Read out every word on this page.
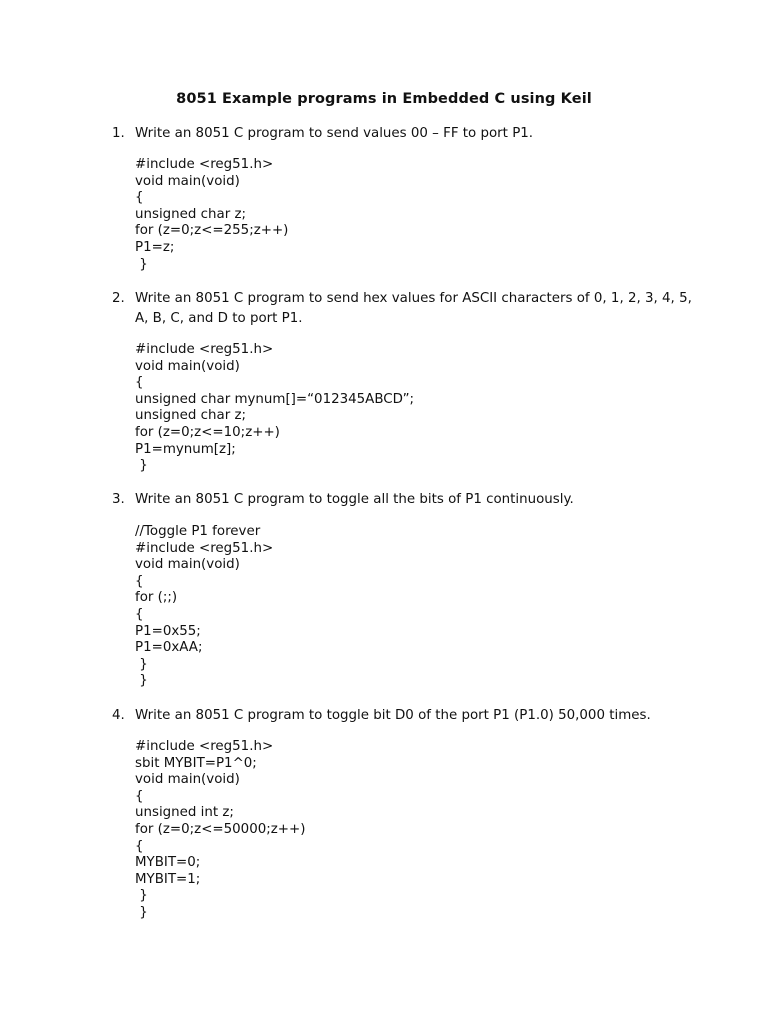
8051 Example programs in Embedded C using Keil
1. Write an 8051 C program to send values 00 – FF to port P1.
#include <reg51.h>
void main(void)
{
unsigned char z;
for (z=0;z<=255;z++)
P1=z;
}
2. Write an 8051 C program to send hex values for ASCII characters of 0, 1, 2, 3, 4, 5, A, B, C, and D to port P1.
#include <reg51.h>
void main(void)
{
unsigned char mynum[]=“012345ABCD”;
unsigned char z;
for (z=0;z<=10;z++)
P1=mynum[z];
}
3. Write an 8051 C program to toggle all the bits of P1 continuously.
//Toggle P1 forever
#include <reg51.h>
void main(void)
{
for (;;)
{
P1=0x55;
P1=0xAA;
}
}
4. Write an 8051 C program to toggle bit D0 of the port P1 (P1.0) 50,000 times.
#include <reg51.h>
sbit MYBIT=P1^0;
void main(void)
{
unsigned int z;
for (z=0;z<=50000;z++)
{
MYBIT=0;
MYBIT=1;
}
}
